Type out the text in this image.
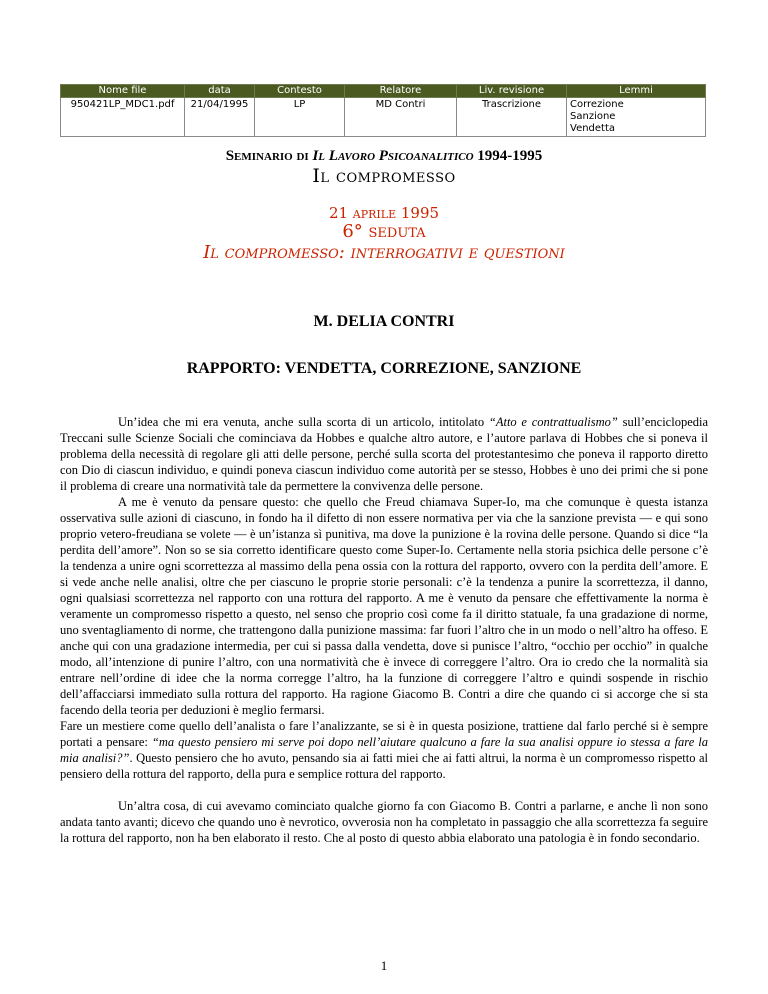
Nome file	data	Contesto	Relatore	Liv. revisione	Lemmi
950421LP_MDC1.pdf	21/04/1995	LP	MD Contri	Trascrizione	Correzione
Sanzione
Vendetta
Seminario di Il Lavoro Psicoanalitico 1994-1995
Il compromesso
21 aprile 1995
6° seduta
Il compromesso: interrogativi e questioni
M. DELIA CONTRI
RAPPORTO: VENDETTA, CORREZIONE, SANZIONE

Un’idea che mi era venuta, anche sulla scorta di un articolo, intitolato “Atto e contrattualismo” sull’enciclopedia Treccani sulle Scienze Sociali che cominciava da Hobbes e qualche altro autore, e l’autore parlava di Hobbes che si poneva il problema della necessità di regolare gli atti delle persone, perché sulla scorta del protestantesimo che poneva il rapporto diretto con Dio di ciascun individuo, e quindi poneva ciascun individuo come autorità per se stesso, Hobbes è uno dei primi che si pone il problema di creare una normatività tale da permettere la convivenza delle persone.

A me è venuto da pensare questo: che quello che Freud chiamava Super-Io, ma che comunque è questa istanza osservativa sulle azioni di ciascuno, in fondo ha il difetto di non essere normativa per via che la sanzione prevista — e qui sono proprio vetero-freudiana se volete — è un’istanza sì punitiva, ma dove la punizione è la rovina delle persone. Quando si dice “la perdita dell’amore”. Non so se sia corretto identificare questo come Super-Io. Certamente nella storia psichica delle persone c’è la tendenza a unire ogni scorrettezza al massimo della pena ossia con la rottura del rapporto, ovvero con la perdita dell’amore. E si vede anche nelle analisi, oltre che per ciascuno le proprie storie personali: c’è la tendenza a punire la scorrettezza, il danno, ogni qualsiasi scorrettezza nel rapporto con una rottura del rapporto. A me è venuto da pensare che effettivamente la norma è veramente un compromesso rispetto a questo, nel senso che proprio così come fa il diritto statuale, fa una gradazione di norme, uno sventagliamento di norme, che trattengono dalla punizione massima: far fuori l’altro che in un modo o nell’altro ha offeso. E anche qui con una gradazione intermedia, per cui si passa dalla vendetta, dove si punisce l’altro, “occhio per occhio” in qualche modo, all’intenzione di punire l’altro, con una normatività che è invece di correggere l’altro. Ora io credo che la normalità sia entrare nell’ordine di idee che la norma corregge l’altro, ha la funzione di correggere l’altro e quindi sospende in rischio dell’affacciarsi immediato sulla rottura del rapporto. Ha ragione Giacomo B. Contri a dire che quando ci si accorge che si sta facendo della teoria per deduzioni è meglio fermarsi.

Fare un mestiere come quello dell’analista o fare l’analizzante, se si è in questa posizione, trattiene dal farlo perché si è sempre portati a pensare: “ma questo pensiero mi serve poi dopo nell’aiutare qualcuno a fare la sua analisi oppure io stessa a fare la mia analisi?”. Questo pensiero che ho avuto, pensando sia ai fatti miei che ai fatti altrui, la norma è un compromesso rispetto al pensiero della rottura del rapporto, della pura e semplice rottura del rapporto.

Un’altra cosa, di cui avevamo cominciato qualche giorno fa con Giacomo B. Contri a parlarne, e anche lì non sono andata tanto avanti; dicevo che quando uno è nevrotico, ovverosia non ha completato in passaggio che alla scorrettezza fa seguire la rottura del rapporto, non ha ben elaborato il resto. Che al posto di questo abbia elaborato una patologia è in fondo secondario.

1
